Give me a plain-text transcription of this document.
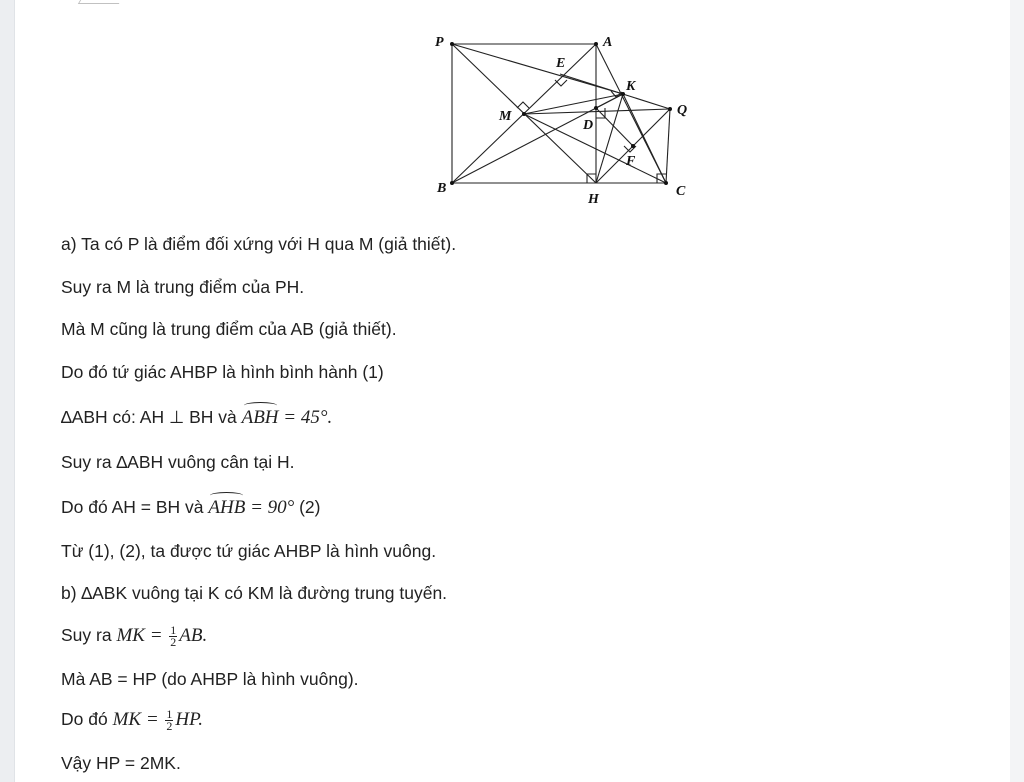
P	A
E
K
Q
M
D
F
B
H
C

a) Ta có P là điểm đối xứng với H qua M (giả thiết).

Suy ra M là trung điểm của PH.

Mà M cũng là trung điểm của AB (giả thiết).

Do đó tứ giác AHBP là hình bình hành (1)

∆ABH có: AH ⊥ BH và ABH = 45°.

Suy ra ∆ABH vuông cân tại H.

Do đó AH = BH và AHB = 90° (2)

Từ (1), (2), ta được tứ giác AHBP là hình vuông.

b) ∆ABK vuông tại K có KM là đường trung tuyến.

Suy ra MK = $\frac{1}{2}$ AB.

Mà AB = HP (do AHBP là hình vuông).

Do đó MK = $\frac{1}{2}$ HP.

Vậy HP = 2MK.
